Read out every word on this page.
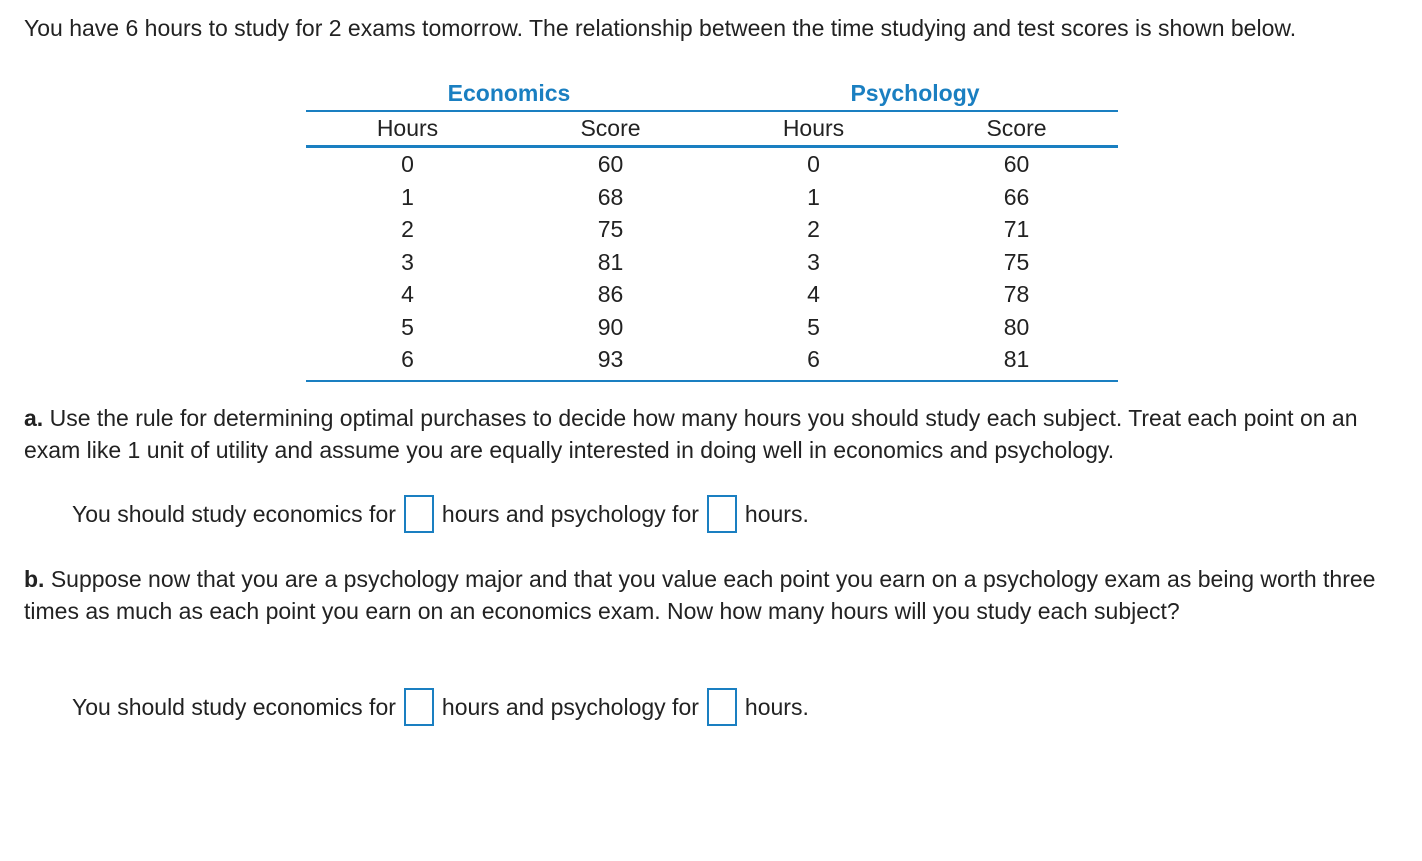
You have 6 hours to study for 2 exams tomorrow. The relationship between the time studying and test scores is shown below.

Economics	Psychology
Hours	Score	Hours	Score
0	60	0	60
1	68	1	66
2	75	2	71
3	81	3	75
4	86	4	78
5	90	5	80
6	93	6	81

a. Use the rule for determining optimal purchases to decide how many hours you should study each subject. Treat each point on an exam like 1 unit of utility and assume you are equally interested in doing well in economics and psychology.

You should study economics for hours and psychology for hours.

b. Suppose now that you are a psychology major and that you value each point you earn on a psychology exam as being worth three times as much as each point you earn on an economics exam. Now how many hours will you study each subject?

You should study economics for hours and psychology for hours.
